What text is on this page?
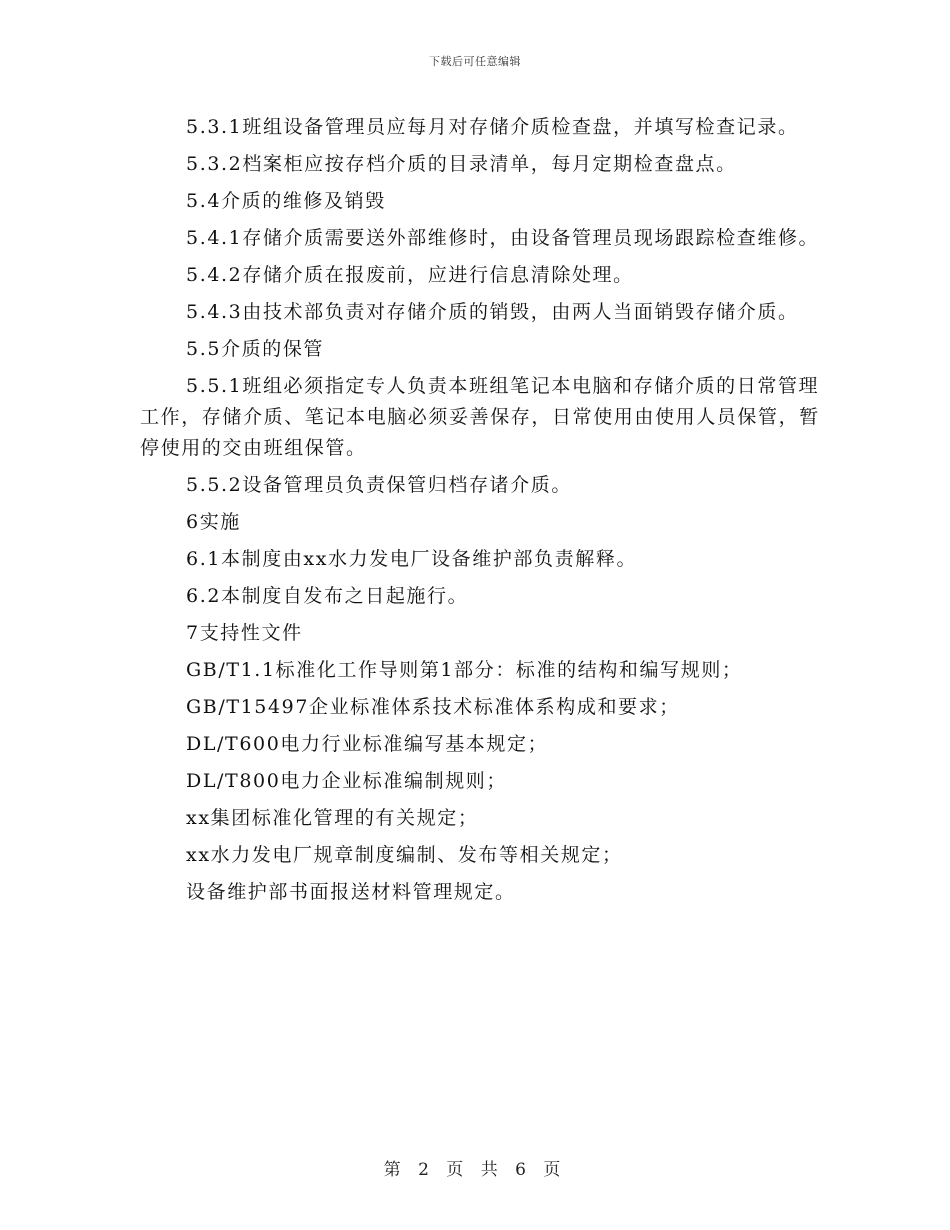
下载后可任意编辑

5.3.1班组设备管理员应每月对存储介质检查盘，并填写检查记录。

5.3.2档案柜应按存档介质的目录清单，每月定期检查盘点。

5.4介质的维修及销毁

5.4.1存储介质需要送外部维修时，由设备管理员现场跟踪检查维修。

5.4.2存储介质在报废前，应进行信息清除处理。

5.4.3由技术部负责对存储介质的销毁，由两人当面销毁存储介质。

5.5介质的保管

5.5.1班组必须指定专人负责本班组笔记本电脑和存储介质的日常管理工作，存储介质、笔记本电脑必须妥善保存，日常使用由使用人员保管，暂停使用的交由班组保管。

5.5.2设备管理员负责保管归档存诸介质。

6实施

6.1本制度由xx水力发电厂设备维护部负责解释。

6.2本制度自发布之日起施行。

7支持性文件

GB/T1.1标准化工作导则第1部分：标准的结构和编写规则；

GB/T15497企业标准体系技术标准体系构成和要求；

DL/T600电力行业标准编写基本规定；

DL/T800电力企业标准编制规则；

xx集团标准化管理的有关规定；

xx水力发电厂规章制度编制、发布等相关规定；

设备维护部书面报送材料管理规定。

第 2 页 共 6 页
